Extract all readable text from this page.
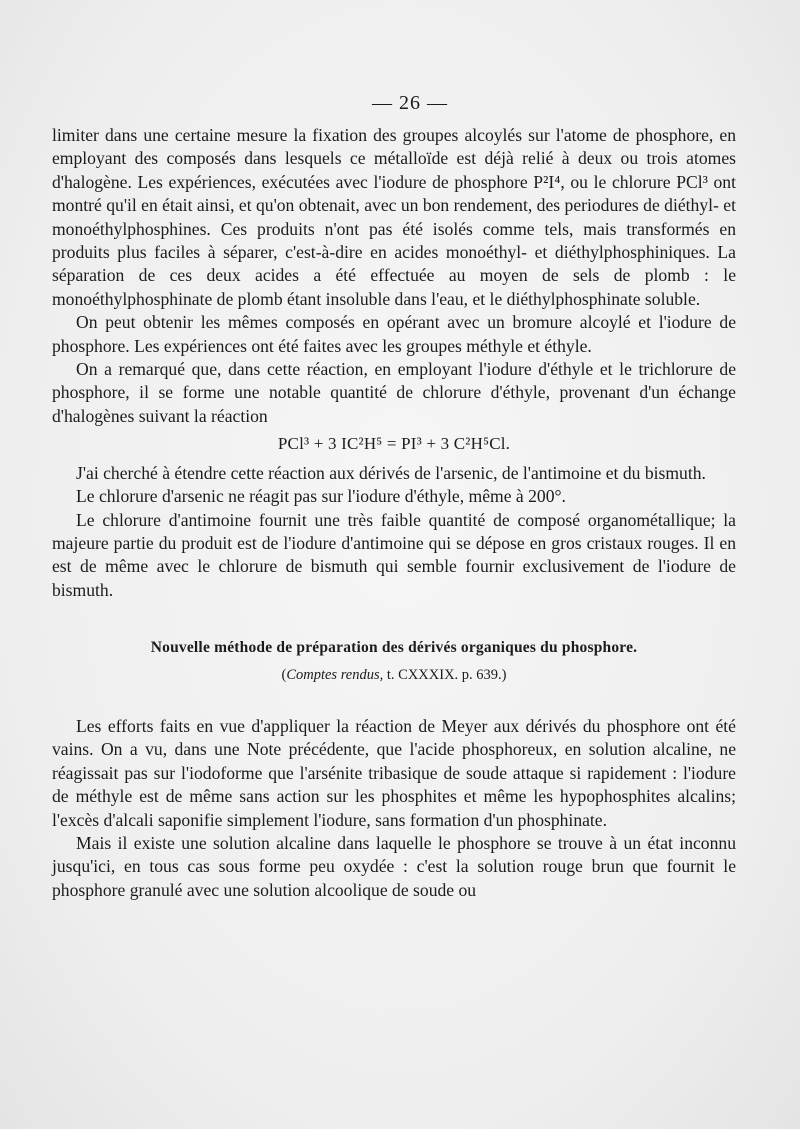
— 26 —

limiter dans une certaine mesure la fixation des groupes alcoylés sur l'atome de phosphore, en employant des composés dans lesquels ce métalloïde est déjà relié à deux ou trois atomes d'halogène. Les expériences, exécutées avec l'iodure de phosphore P²I⁴, ou le chlorure PCl³ ont montré qu'il en était ainsi, et qu'on obtenait, avec un bon rendement, des periodures de diéthyl- et monoéthylphosphines. Ces produits n'ont pas été isolés comme tels, mais transformés en produits plus faciles à séparer, c'est-à-dire en acides monoéthyl- et diéthylphosphiniques. La séparation de ces deux acides a été effectuée au moyen de sels de plomb : le monoéthylphosphinate de plomb étant insoluble dans l'eau, et le diéthylphosphinate soluble.

On peut obtenir les mêmes composés en opérant avec un bromure alcoylé et l'iodure de phosphore. Les expériences ont été faites avec les groupes méthyle et éthyle.

On a remarqué que, dans cette réaction, en employant l'iodure d'éthyle et le trichlorure de phosphore, il se forme une notable quantité de chlorure d'éthyle, provenant d'un échange d'halogènes suivant la réaction

PCl³ + 3 IC²H⁵ = PI³ + 3 C²H⁵Cl.

J'ai cherché à étendre cette réaction aux dérivés de l'arsenic, de l'antimoine et du bismuth.

Le chlorure d'arsenic ne réagit pas sur l'iodure d'éthyle, même à 200°.

Le chlorure d'antimoine fournit une très faible quantité de composé organométallique; la majeure partie du produit est de l'iodure d'antimoine qui se dépose en gros cristaux rouges. Il en est de même avec le chlorure de bismuth qui semble fournir exclusivement de l'iodure de bismuth.

Nouvelle méthode de préparation des dérivés organiques du phosphore.
(Comptes rendus, t. CXXXIX. p. 639.)

Les efforts faits en vue d'appliquer la réaction de Meyer aux dérivés du phosphore ont été vains. On a vu, dans une Note précédente, que l'acide phosphoreux, en solution alcaline, ne réagissait pas sur l'iodoforme que l'arsénite tribasique de soude attaque si rapidement : l'iodure de méthyle est de même sans action sur les phosphites et même les hypophosphites alcalins; l'excès d'alcali saponifie simplement l'iodure, sans formation d'un phosphinate.

Mais il existe une solution alcaline dans laquelle le phosphore se trouve à un état inconnu jusqu'ici, en tous cas sous forme peu oxydée : c'est la solution rouge brun que fournit le phosphore granulé avec une solution alcoolique de soude ou
